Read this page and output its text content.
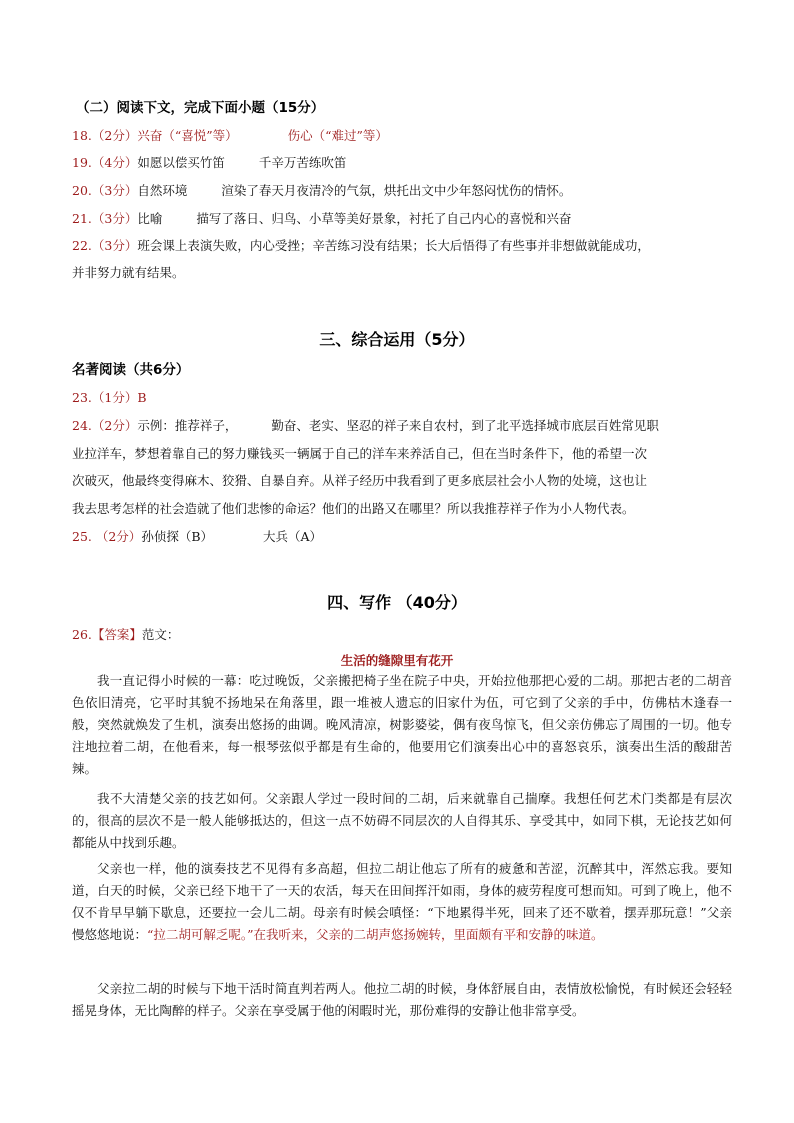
（二）阅读下文，完成下面小题（15分）
18.（2分）兴奋（“喜悦”等）	伤心（“难过”等）
19.（4分）如愿以偿买竹笛	千辛万苦练吹笛
20.（3分）自然环境	渲染了春天月夜清冷的气氛，烘托出文中少年怒闷忧伤的情怀。
21.（3分）比喻	描写了落日、归鸟、小草等美好景象，衬托了自己内心的喜悦和兴奋
22.（3分）班会课上表演失败，内心受挫；辛苦练习没有结果；长大后悟得了有些事并非想做就能成功，
并非努力就有结果。
三、综合运用（5分）
名著阅读（共6分）
23.（1分）B
24.（2分）示例：推荐祥子，	勤奋、老实、坚忍的祥子来自农村，到了北平选择城市底层百姓常见职
业拉洋车，梦想着靠自己的努力赚钱买一辆属于自己的洋车来养活自己，但在当时条件下，他的希望一次
次破灭，他最终变得麻木、狡猾、自暴自弃。从祥子经历中我看到了更多底层社会小人物的处境，这也让
我去思考怎样的社会造就了他们悲惨的命运？他们的出路又在哪里？所以我推荐祥子作为小人物代表。
25. （2分）孙侦探（B）	大兵（A）
四、写作 （40分）
26.【答案】范文：
生活的缝隙里有花开
我一直记得小时候的一幕：吃过晚饭，父亲搬把椅子坐在院子中央，开始拉他那把心爱的二胡。那把古老的二胡音色依旧清亮，它平时其貌不扬地呆在角落里，跟一堆被人遗忘的旧家什为伍，可它到了父亲的手中，仿佛枯木逢春一般，突然就焕发了生机，演奏出悠扬的曲调。晚风清凉，树影婆娑，偶有夜鸟惊飞，但父亲仿佛忘了周围的一切。他专注地拉着二胡，在他看来，每一根琴弦似乎都是有生命的，他要用它们演奏出心中的喜怒哀乐，演奏出生活的酸甜苦辣。
我不大清楚父亲的技艺如何。父亲跟人学过一段时间的二胡，后来就靠自己揣摩。我想任何艺术门类都是有层次的，很高的层次不是一般人能够抵达的，但这一点不妨碍不同层次的人自得其乐、享受其中，如同下棋，无论技艺如何都能从中找到乐趣。
父亲也一样，他的演奏技艺不见得有多高超，但拉二胡让他忘了所有的疲惫和苦涩，沉醉其中，浑然忘我。要知道，白天的时候，父亲已经下地干了一天的农活，每天在田间挥汗如雨，身体的疲劳程度可想而知。可到了晚上，他不仅不肯早早躺下歇息，还要拉一会儿二胡。母亲有时候会嗔怪：“下地累得半死，回来了还不歇着，摆弄那玩意！”父亲慢悠悠地说：“拉二胡可解乏呢。”在我听来，父亲的二胡声悠扬婉转，里面颇有平和安静的味道。
父亲拉二胡的时候与下地干活时简直判若两人。他拉二胡的时候，身体舒展自由，表情放松愉悦，有时候还会轻轻摇晃身体，无比陶醉的样子。父亲在享受属于他的闲暇时光，那份难得的安静让他非常享受。
